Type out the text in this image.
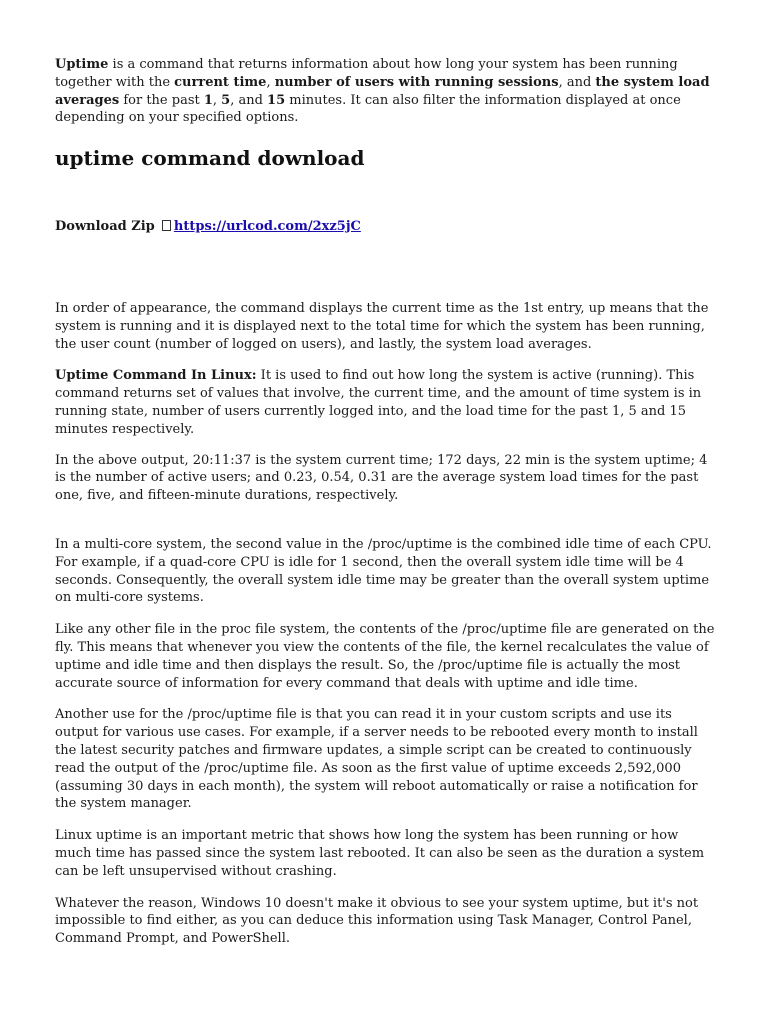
Uptime is a command that returns information about how long your system has been running together with the current time, number of users with running sessions, and the system load averages for the past 1, 5, and 15 minutes. It can also filter the information displayed at once depending on your specified options.

uptime command download

Download Zip https://urlcod.com/2xz5jC

In order of appearance, the command displays the current time as the 1st entry, up means that the system is running and it is displayed next to the total time for which the system has been running, the user count (number of logged on users), and lastly, the system load averages.

Uptime Command In Linux: It is used to find out how long the system is active (running). This command returns set of values that involve, the current time, and the amount of time system is in running state, number of users currently logged into, and the load time for the past 1, 5 and 15 minutes respectively.

In the above output, 20:11:37 is the system current time; 172 days, 22 min is the system uptime; 4 is the number of active users; and 0.23, 0.54, 0.31 are the average system load times for the past one, five, and fifteen-minute durations, respectively.

In a multi-core system, the second value in the /proc/uptime is the combined idle time of each CPU. For example, if a quad-core CPU is idle for 1 second, then the overall system idle time will be 4 seconds. Consequently, the overall system idle time may be greater than the overall system uptime on multi-core systems.

Like any other file in the proc file system, the contents of the /proc/uptime file are generated on the fly. This means that whenever you view the contents of the file, the kernel recalculates the value of uptime and idle time and then displays the result. So, the /proc/uptime file is actually the most accurate source of information for every command that deals with uptime and idle time.

Another use for the /proc/uptime file is that you can read it in your custom scripts and use its output for various use cases. For example, if a server needs to be rebooted every month to install the latest security patches and firmware updates, a simple script can be created to continuously read the output of the /proc/uptime file. As soon as the first value of uptime exceeds 2,592,000 (assuming 30 days in each month), the system will reboot automatically or raise a notification for the system manager.

Linux uptime is an important metric that shows how long the system has been running or how much time has passed since the system last rebooted. It can also be seen as the duration a system can be left unsupervised without crashing.

Whatever the reason, Windows 10 doesn't make it obvious to see your system uptime, but it's not impossible to find either, as you can deduce this information using Task Manager, Control Panel, Command Prompt, and PowerShell.
